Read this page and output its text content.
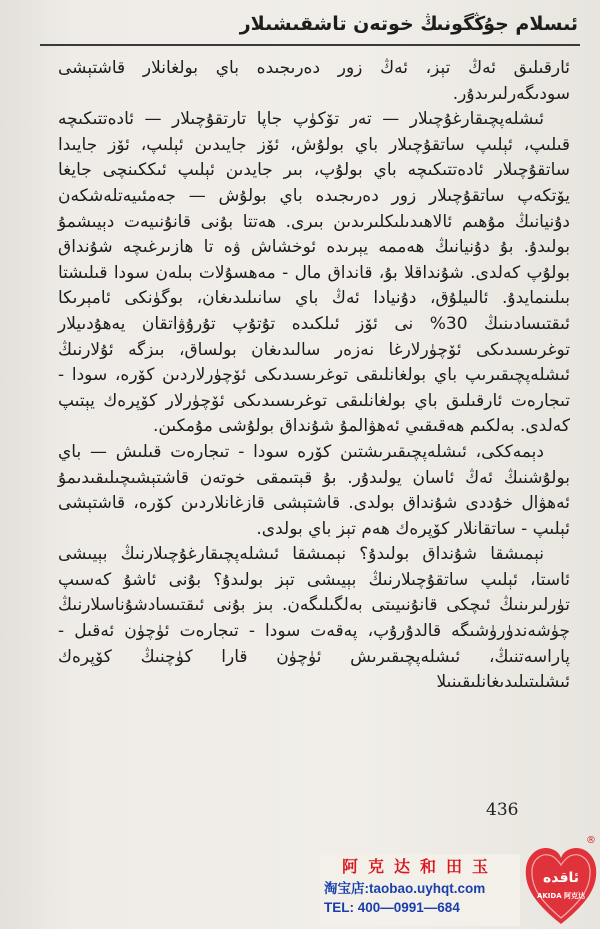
ئىسلام جۇڭگونىڭ خوتەن تاشقىشىلار

ئارقىلىق ئەڭ تېز، ئەڭ زور دەرىجىدە باي بولغانلار قاشتېشى سودىگەرلىرىدۇر.

ئىشلەپچىقارغۇچىلار — تەر تۆكۈپ جاپا تارتقۇچىلار — ئادەتتىكىچە قىلىپ، ئېلىپ ساتقۇچىلار باي بولۇش، ئۆز جايىدىن ئېلىپ، ئۆز جايىدا ساتقۇچىلار ئادەتتىكىچە باي بولۇپ، بىر جايدىن ئېلىپ ئىككىنچى جايغا يۆتكەپ ساتقۇچىلار زور دەرىجىدە باي بولۇش — جەمئىيەتلەشكەن دۇنيانىڭ مۇھىم ئالاھىدىلىكلىرىدىن بىرى. ھەتتا بۇنى قانۇنىيەت دېيىشمۇ بولىدۇ. بۇ دۇنيانىڭ ھەممە يېرىدە ئوخشاش ۋە تا ھازىرغىچە شۇنداق بولۇپ كەلدى. شۇنداقلا بۇ، قانداق مال - مەھسۇلات بىلەن سودا قىلىشتا بىلىنمايدۇ. ئالىيلۇق، دۇنيادا ئەڭ باي سانىلىدىغان، بوگۈنكى ئامېرىكا ئىقتىسادىنىڭ 30% نى ئۆز ئىلكىدە تۇتۇپ تۇرۇۋاتقان يەھۇدىيلار توغرىسىدىكى ئۆچۈرلارغا نەزەر سالىدىغان بولساق، بىزگە ئۇلارنىڭ ئىشلەپچىقىرىپ باي بولغانلىقى توغرىسىدىكى ئۆچۈرلاردىن كۆرە، سودا - تىجارەت ئارقىلىق باي بولغانلىقى توغرىسىدىكى ئۆچۈرلار كۆپرەك يېتىپ كەلدى. بەلكىم ھەقىقىي ئەھۋالمۇ شۇنداق بولۇشى مۇمكىن.

دېمەككى، ئىشلەپچىقىرىشتىن كۆرە سودا - تىجارەت قىلىش — باي بولۇشنىڭ ئەڭ ئاسان يولىدۇر. بۇ قېتىمقى خوتەن قاشتېشىچىلىقىدىمۇ ئەھۋال خۇددى شۇنداق بولدى. قاشتېشى قازغانلاردىن كۆرە، قاشتېشى ئېلىپ - ساتقانلار كۆپرەك ھەم تېز باي بولدى.

نېمىشقا شۇنداق بولىدۇ؟ نېمىشقا ئىشلەپچىقارغۇچىلارنىڭ بېيىشى ئاستا، ئېلىپ ساتقۇچىلارنىڭ بېيىشى تېز بولىدۇ؟ بۇنى ئاشۇ كەسىپ تۈرلىرىنىڭ ئىچكى قانۇنىيىتى بەلگىلىگەن. بىز بۇنى ئىقتىسادشۇناسلارنىڭ چۈشەندۈرۈشىگە قالدۇرۇپ، پەقەت سودا - تىجارەت ئۈچۈن ئەقىل - پاراسەتنىڭ، ئىشلەپچىقىرىش ئۈچۈن قارا كۈچنىڭ كۆپرەك ئىشلىتىلىدىغانلىقىنىلا

436
阿克达和田玉
淘宝店:taobao.uyhqt.com
TEL: 400—0991—684
ئاقدە
AKIDA 阿克达
®
